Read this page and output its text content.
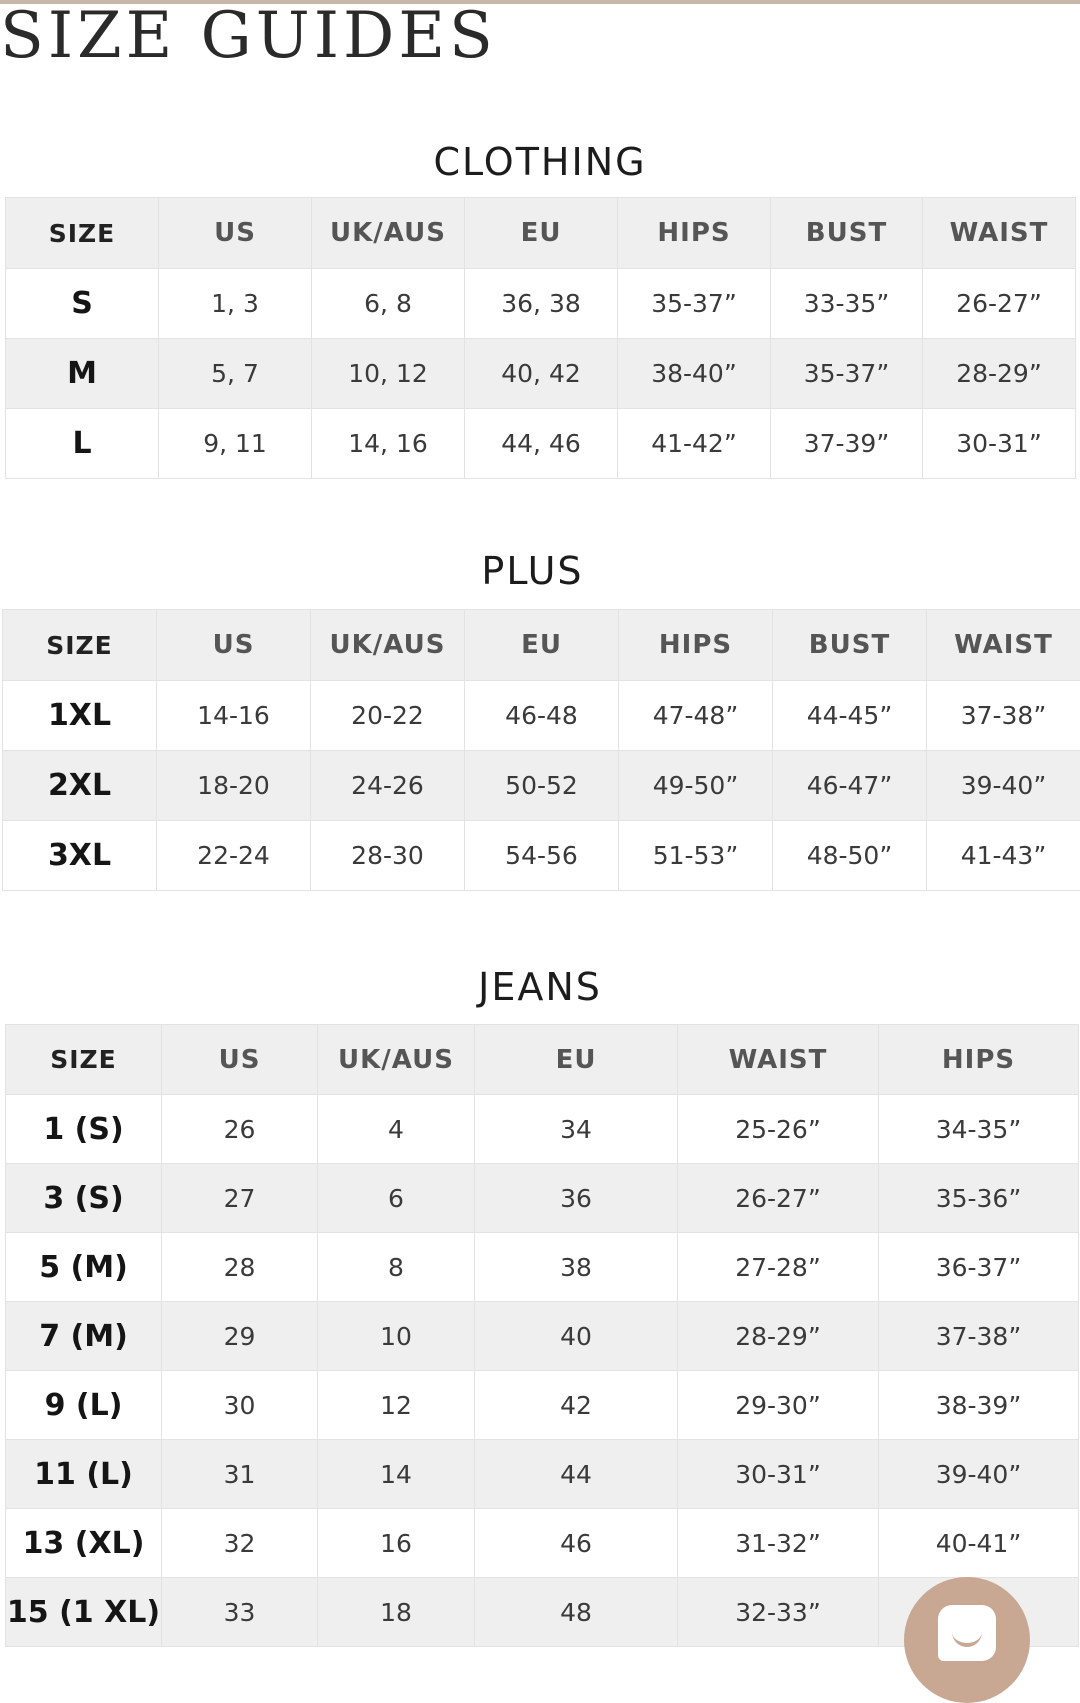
SIZE GUIDES
CLOTHING
SIZE	US	UK/AUS	EU	HIPS	BUST	WAIST
S	1, 3	6, 8	36, 38	35-37”	33-35”	26-27”
M	5, 7	10, 12	40, 42	38-40”	35-37”	28-29”
L	9, 11	14, 16	44, 46	41-42”	37-39”	30-31”
PLUS
SIZE	US	UK/AUS	EU	HIPS	BUST	WAIST
1XL	14-16	20-22	46-48	47-48”	44-45”	37-38”
2XL	18-20	24-26	50-52	49-50”	46-47”	39-40”
3XL	22-24	28-30	54-56	51-53”	48-50”	41-43”
JEANS
SIZE	US	UK/AUS	EU	WAIST	HIPS
1 (S)	26	4	34	25-26”	34-35”
3 (S)	27	6	36	26-27”	35-36”
5 (M)	28	8	38	27-28”	36-37”
7 (M)	29	10	40	28-29”	37-38”
9 (L)	30	12	42	29-30”	38-39”
11 (L)	31	14	44	30-31”	39-40”
13 (XL)	32	16	46	31-32”	40-41”
15 (1 XL)	33	18	48	32-33”	
